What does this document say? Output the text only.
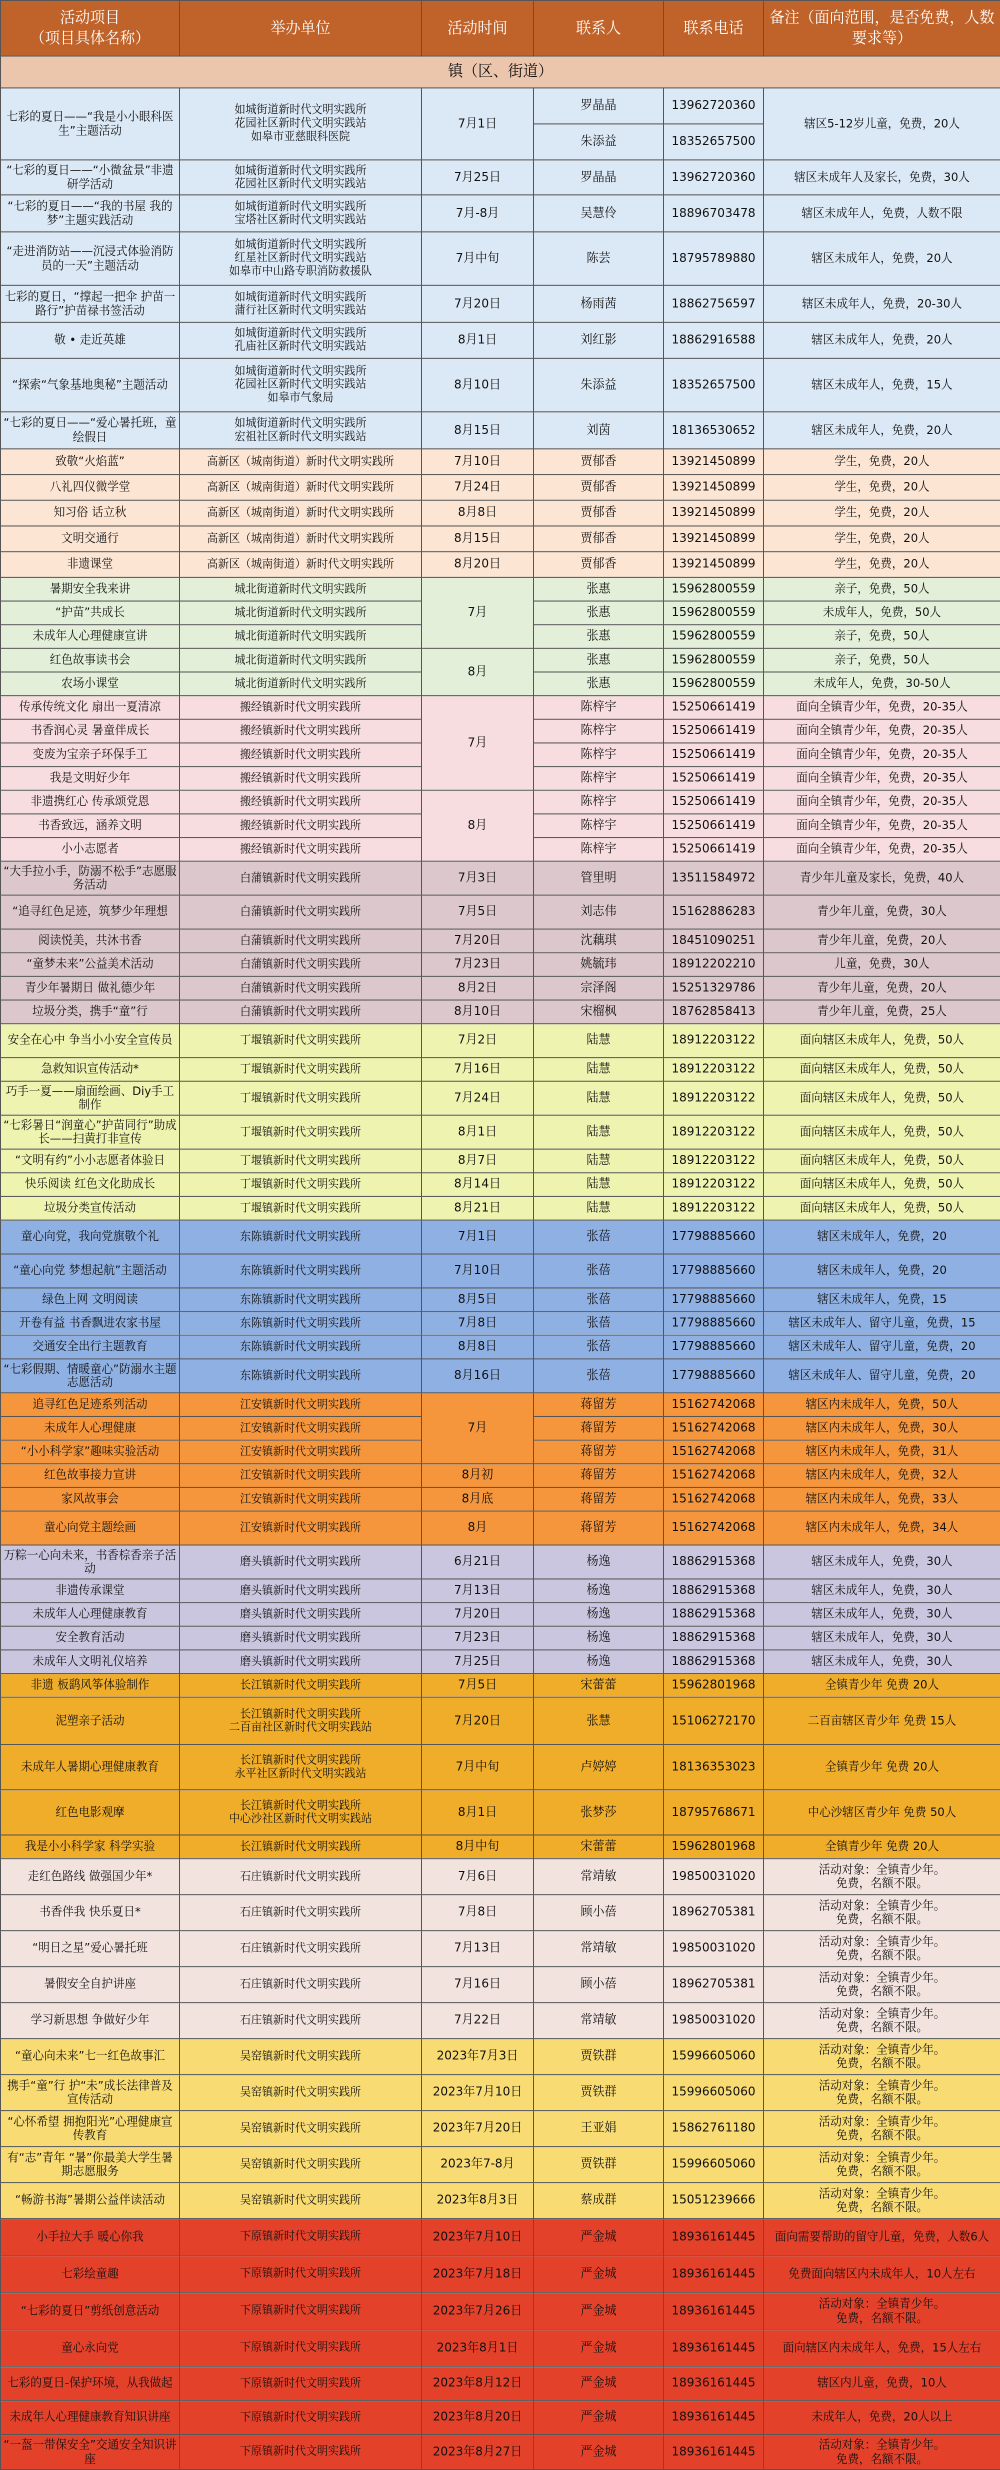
活动项目
（项目具体名称）	举办单位	活动时间	联系人	联系电话	备注（面向范围，是否免费，人数要求等）
镇（区、街道）					
七彩的夏日——“我是小小眼科医生”主题活动	如城街道新时代文明实践所
花园社区新时代文明实践站
如皋市亚慈眼科医院	7月1日	罗晶晶	13962720360	辖区5-12岁儿童，免费，20人
			朱添益	18352657500	
“七彩的夏日——“小微盆景”非遗研学活动	如城街道新时代文明实践所
花园社区新时代文明实践站	7月25日	罗晶晶	13962720360	辖区未成年人及家长，免费，30人
“七彩的夏日——“我的书屋 我的梦”主题实践活动	如城街道新时代文明实践所
宝塔社区新时代文明实践站	7月-8月	吴慧伶	18896703478	辖区未成年人，免费，人数不限
“走进消防站——沉浸式体验消防员的一天”主题活动	如城街道新时代文明实践所
红星社区新时代文明实践站
如皋市中山路专职消防救援队	7月中旬	陈芸	18795789880	辖区未成年人，免费，20人
七彩的夏日，“撑起一把伞 护苗一路行”护苗禄书签活动	如城街道新时代文明实践所
蒲行社区新时代文明实践站	7月20日	杨雨茜	18862756597	辖区未成年人，免费，20-30人
敬 • 走近英雄	如城街道新时代文明实践所
孔庙社区新时代文明实践站	8月1日	刘红影	18862916588	辖区未成年人，免费，20人
“探索“气象基地奥秘”主题活动	如城街道新时代文明实践所
花园社区新时代文明实践站
如皋市气象局	8月10日	朱添益	18352657500	辖区未成年人，免费，15人
“七彩的夏日——“爱心暑托班，童绘假日	如城街道新时代文明实践所
宏祖社区新时代文明实践站	8月15日	刘茵	18136530652	辖区未成年人，免费，20人
致敬“火焰蓝”	高新区（城南街道）新时代文明实践所	7月10日	贾郁香	13921450899	学生，免费，20人
八礼四仪微学堂	高新区（城南街道）新时代文明实践所	7月24日	贾郁香	13921450899	学生，免费，20人
知习俗 话立秋	高新区（城南街道）新时代文明实践所	8月8日	贾郁香	13921450899	学生，免费，20人
文明交通行	高新区（城南街道）新时代文明实践所	8月15日	贾郁香	13921450899	学生，免费，20人
非遗课堂	高新区（城南街道）新时代文明实践所	8月20日	贾郁香	13921450899	学生，免费，20人
暑期安全我来讲	城北街道新时代文明实践所	7月	张惠	15962800559	亲子，免费，50人
“护苗”共成长	城北街道新时代文明实践所		张惠	15962800559	未成年人，免费，50人
未成年人心理健康宣讲	城北街道新时代文明实践所		张惠	15962800559	亲子，免费，50人
红色故事读书会	城北街道新时代文明实践所	8月	张惠	15962800559	亲子，免费，50人
农场小课堂	城北街道新时代文明实践所		张惠	15962800559	未成年人，免费，30-50人
传承传统文化 扇出一夏清凉	搬经镇新时代文明实践所	7月	陈梓宇	15250661419	面向全镇青少年，免费，20-35人
书香润心灵 暑童伴成长	搬经镇新时代文明实践所		陈梓宇	15250661419	面向全镇青少年，免费，20-35人
变废为宝亲子环保手工	搬经镇新时代文明实践所		陈梓宇	15250661419	面向全镇青少年，免费，20-35人
我是文明好少年	搬经镇新时代文明实践所		陈梓宇	15250661419	面向全镇青少年，免费，20-35人
非遗携红心 传承颂党恩	搬经镇新时代文明实践所	8月	陈梓宇	15250661419	面向全镇青少年，免费，20-35人
书香致远，涵养文明	搬经镇新时代文明实践所		陈梓宇	15250661419	面向全镇青少年，免费，20-35人
小小志愿者	搬经镇新时代文明实践所		陈梓宇	15250661419	面向全镇青少年，免费，20-35人
“大手拉小手，防溺不松手”志愿服务活动	白蒲镇新时代文明实践所	7月3日	管里明	13511584972	青少年儿童及家长，免费，40人
“追寻红色足迹，筑梦少年理想	白蒲镇新时代文明实践所	7月5日	刘志伟	15162886283	青少年儿童，免费，30人
阅读悦美，共沐书香	白蒲镇新时代文明实践所	7月20日	沈藕琪	18451090251	青少年儿童，免费，20人
“童梦未来”公益美术活动	白蒲镇新时代文明实践所	7月23日	姚毓玮	18912202210	儿童，免费，30人
青少年暑期日 做礼德少年	白蒲镇新时代文明实践所	8月2日	宗泽阁	15251329786	青少年儿童，免费，20人
垃圾分类，携手“童”行	白蒲镇新时代文明实践所	8月10日	宋榴枫	18762858413	青少年儿童，免费，25人
安全在心中 争当小小安全宣传员	丁堰镇新时代文明实践所	7月2日	陆慧	18912203122	面向辖区未成年人，免费，50人
急救知识宣传活动*	丁堰镇新时代文明实践所	7月16日	陆慧	18912203122	面向辖区未成年人，免费，50人
巧手一夏——扇面绘画、Diy手工制作	丁堰镇新时代文明实践所	7月24日	陆慧	18912203122	面向辖区未成年人，免费，50人
“七彩暑日“润童心”护苗同行”助成长——扫黄打非宣传	丁堰镇新时代文明实践所	8月1日	陆慧	18912203122	面向辖区未成年人，免费，50人
“文明有约”小小志愿者体验日	丁堰镇新时代文明实践所	8月7日	陆慧	18912203122	面向辖区未成年人，免费，50人
快乐阅读 红色文化助成长	丁堰镇新时代文明实践所	8月14日	陆慧	18912203122	面向辖区未成年人，免费，50人
垃圾分类宣传活动	丁堰镇新时代文明实践所	8月21日	陆慧	18912203122	面向辖区未成年人，免费，50人
童心向党，我向党旗敬个礼	东陈镇新时代文明实践所	7月1日	张蓓	17798885660	辖区未成年人，免费，20
“童心向党 梦想起航”主题活动	东陈镇新时代文明实践所	7月10日	张蓓	17798885660	辖区未成年人，免费，20
绿色上网 文明阅读	东陈镇新时代文明实践所	8月5日	张蓓	17798885660	辖区未成年人，免费，15
开卷有益 书香飘进农家书屋	东陈镇新时代文明实践所	7月8日	张蓓	17798885660	辖区未成年人、留守儿童，免费，15
交通安全出行主题教育	东陈镇新时代文明实践所	8月8日	张蓓	17798885660	辖区未成年人、留守儿童，免费，20
“七彩假期、情暖童心”防溺水主题志愿活动	东陈镇新时代文明实践所	8月16日	张蓓	17798885660	辖区未成年人、留守儿童，免费，20
追寻红色足迹系列活动	江安镇新时代文明实践所	7月	蒋留芳	15162742068	辖区内未成年人，免费，50人
未成年人心理健康	江安镇新时代文明实践所		蒋留芳	15162742068	辖区内未成年人，免费，30人
“小小科学家”趣味实验活动	江安镇新时代文明实践所		蒋留芳	15162742068	辖区内未成年人，免费，31人
红色故事接力宣讲	江安镇新时代文明实践所	8月初	蒋留芳	15162742068	辖区内未成年人，免费，32人
家风故事会	江安镇新时代文明实践所	8月底	蒋留芳	15162742068	辖区内未成年人，免费，33人
童心向党主题绘画	江安镇新时代文明实践所	8月	蒋留芳	15162742068	辖区内未成年人，免费，34人
万粽一心向未来，书香棕香亲子活动	磨头镇新时代文明实践所	6月21日	杨逸	18862915368	辖区未成年人，免费，30人
非遗传承课堂	磨头镇新时代文明实践所	7月13日	杨逸	18862915368	辖区未成年人，免费，30人
未成年人心理健康教育	磨头镇新时代文明实践所	7月20日	杨逸	18862915368	辖区未成年人，免费，30人
安全教育活动	磨头镇新时代文明实践所	7月23日	杨逸	18862915368	辖区未成年人，免费，30人
未成年人文明礼仪培养	磨头镇新时代文明实践所	7月25日	杨逸	18862915368	辖区未成年人，免费，30人
非遗 板鹞风筝体验制作	长江镇新时代文明实践所	7月5日	宋蕾蕾	15962801968	全镇青少年 免费 20人
泥塑亲子活动	长江镇新时代文明实践所
二百亩社区新时代文明实践站	7月20日	张慧	15106272170	二百亩辖区青少年 免费 15人
未成年人暑期心理健康教育	长江镇新时代文明实践所
永平社区新时代文明实践站	7月中旬	卢婷婷	18136353023	全镇青少年 免费 20人
红色电影观摩	长江镇新时代文明实践所
中心沙社区新时代文明实践站	8月1日	张梦莎	18795768671	中心沙辖区青少年 免费 50人
我是小小科学家 科学实验	长江镇新时代文明实践所	8月中旬	宋蕾蕾	15962801968	全镇青少年 免费 20人
走红色路线 做强国少年*	石庄镇新时代文明实践所	7月6日	常靖敏	19850031020	活动对象：全镇青少年。
免费，名额不限。
书香伴我 快乐夏日*	石庄镇新时代文明实践所	7月8日	顾小蓓	18962705381	活动对象：全镇青少年。
免费，名额不限。
“明日之星”爱心暑托班	石庄镇新时代文明实践所	7月13日	常靖敏	19850031020	活动对象：全镇青少年。
免费，名额不限。
暑假安全自护讲座	石庄镇新时代文明实践所	7月16日	顾小蓓	18962705381	活动对象：全镇青少年。
免费，名额不限。
学习新思想 争做好少年	石庄镇新时代文明实践所	7月22日	常靖敏	19850031020	活动对象：全镇青少年。
免费，名额不限。
“童心向未来”七一红色故事汇	吴窑镇新时代文明实践所	2023年7月3日	贾铁群	15996605060	活动对象：全镇青少年。
免费，名额不限。
携手“童”行 护“未”成长法律普及宣传活动	吴窑镇新时代文明实践所	2023年7月10日	贾铁群	15996605060	活动对象：全镇青少年。
免费，名额不限。
“心怀希望 拥抱阳光”心理健康宣传教育	吴窑镇新时代文明实践所	2023年7月20日	王亚娟	15862761180	活动对象：全镇青少年。
免费，名额不限。
有“志”青年 “暑”你最美大学生暑期志愿服务	吴窑镇新时代文明实践所	2023年7-8月	贾铁群	15996605060	活动对象：全镇青少年。
免费，名额不限。
“畅游书海”暑期公益伴读活动	吴窑镇新时代文明实践所	2023年8月3日	蔡成群	15051239666	活动对象：全镇青少年。
免费，名额不限。
小手拉大手 暖心你我	下原镇新时代文明实践所	2023年7月10日	严金城	18936161445	面向需要帮助的留守儿童，免费，人数6人
七彩绘童趣	下原镇新时代文明实践所	2023年7月18日	严金城	18936161445	免费面向辖区内未成年人，10人左右
“七彩的夏日”剪纸创意活动	下原镇新时代文明实践所	2023年7月26日	严金城	18936161445	活动对象：全镇青少年。
免费，名额不限。
童心永向党	下原镇新时代文明实践所	2023年8月1日	严金城	18936161445	面向辖区内未成年人，免费，15人左右
七彩的夏日-保护环境，从我做起	下原镇新时代文明实践所	2023年8月12日	严金城	18936161445	辖区内儿童，免费，10人
未成年人心理健康教育知识讲座	下原镇新时代文明实践所	2023年8月20日	严金城	18936161445	未成年人，免费，20人以上
“一盔一带保安全”交通安全知识讲座	下原镇新时代文明实践所	2023年8月27日	严金城	18936161445	活动对象：全镇青少年。
免费，名额不限。
